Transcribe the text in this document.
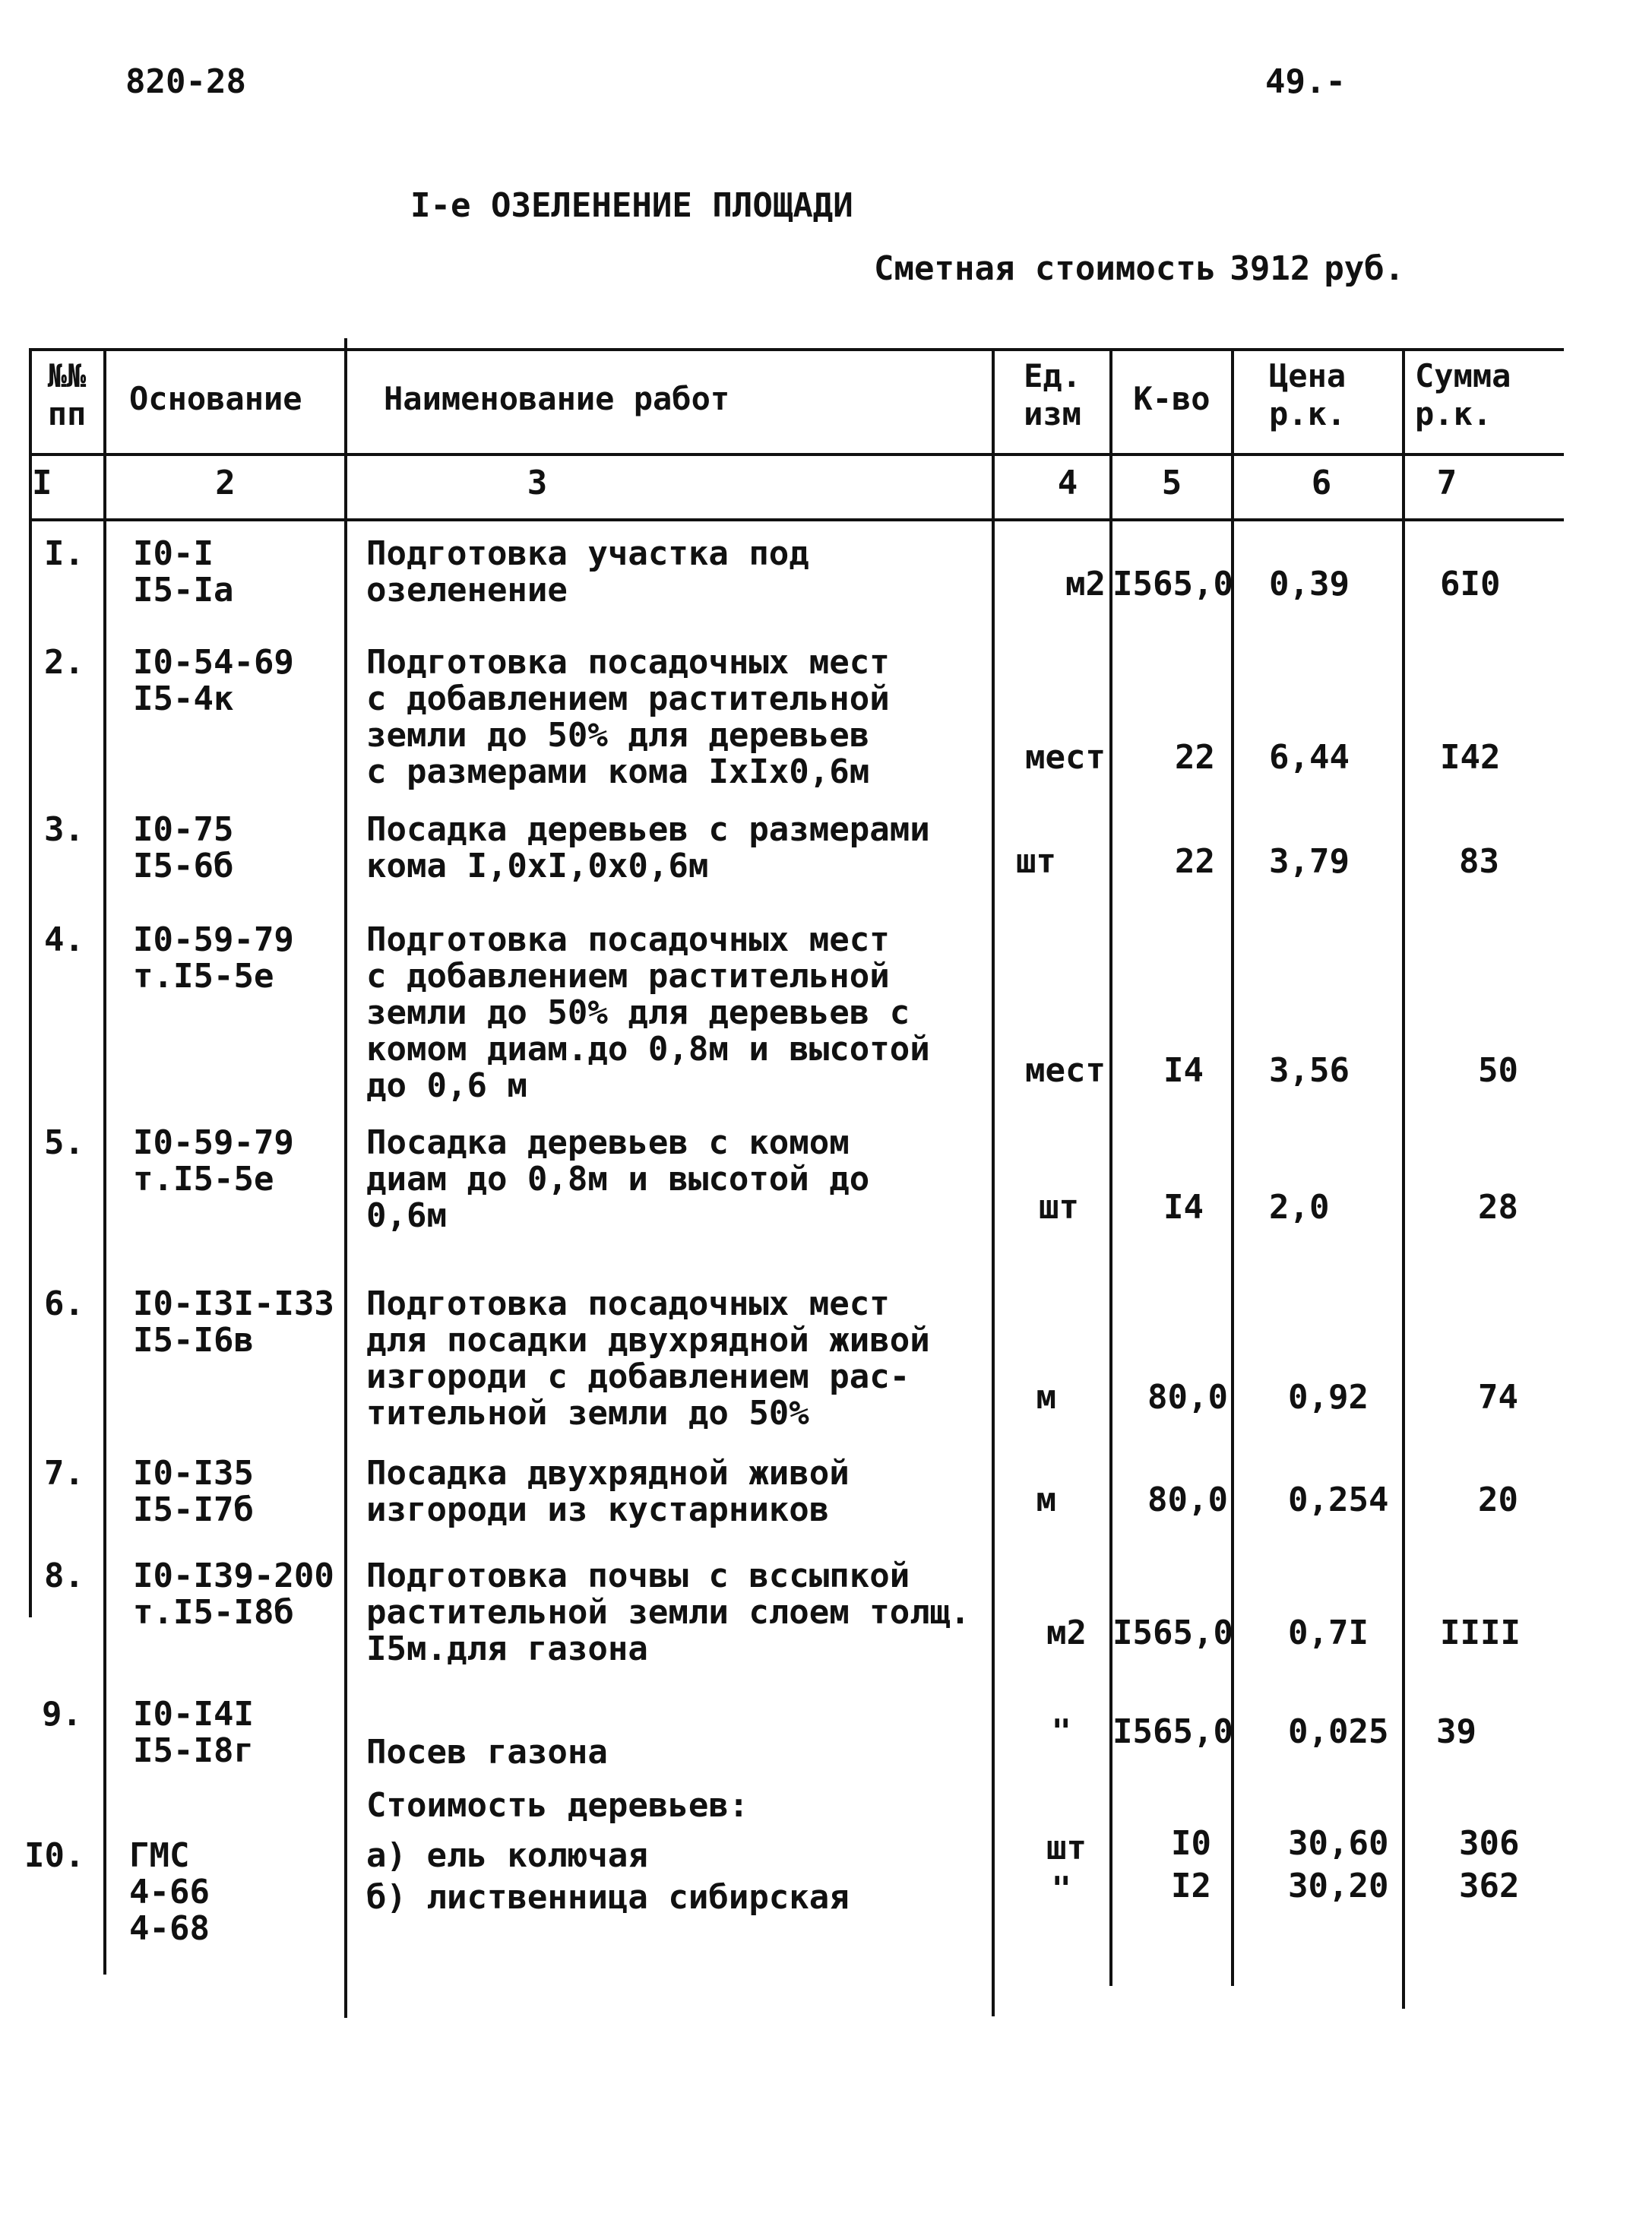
820-28	49.-
I-е ОЗЕЛЕНЕНИЕ ПЛОЩАДИ
Сметная стоимость 3912 руб.
№№
пп	Основание	Наименование работ
Ед.
изм	К-во
Цена
р.к.
Сумма
р.к.
I	2	3	4	5	6	7
I. I0-I
I5-Iа
Подготовка участка под
озеленение	м2 I565,0 0,39	6I0
2. I0-54-69
I5-4к
Подготовка посадочных мест
с добавлением растительной
земли до 50% для деревьев
с размерами кома IxIx0,6м	мест	22 6,44	I42
3. I0-75
I5-6б
Посадка деревьев с размерами
кома I,0xI,0x0,6м	шт	22 3,79	83
4. I0-59-79
т.I5-5е
Подготовка посадочных мест
с добавлением растительной
земли до 50% для деревьев с
комом диам.до 0,8м и высотой
до 0,6 м	мест	I4 3,56	50
5. I0-59-79
т.I5-5е
Посадка деревьев с комом
диам до 0,8м и высотой до
0,6м	шт	I4 2,0	28
6. I0-I3I-I33
I5-I6в
Подготовка посадочных мест
для посадки двухрядной живой
изгороди с добавлением рас-
тительной земли до 50%	м	80,0 0,92	74
7. I0-I35
I5-I7б
Посадка двухрядной живой
изгороди из кустарников	м	80,0 0,254	20
8. I0-I39-200
т.I5-I8б
Подготовка почвы с вссыпкой
растительной земли слоем толщ.
I5м.для газона	м2 I565,0 0,7I IIII
9. I0-I4I
I5-I8г	Посев газона
" I565,0 0,025 39
Стоимость деревьев:
I0. ГМС
4-66
4-68
а) ель колючая	шт	I0 30,60 306
б) лиственница сибирская	"	I2 30,20 362
